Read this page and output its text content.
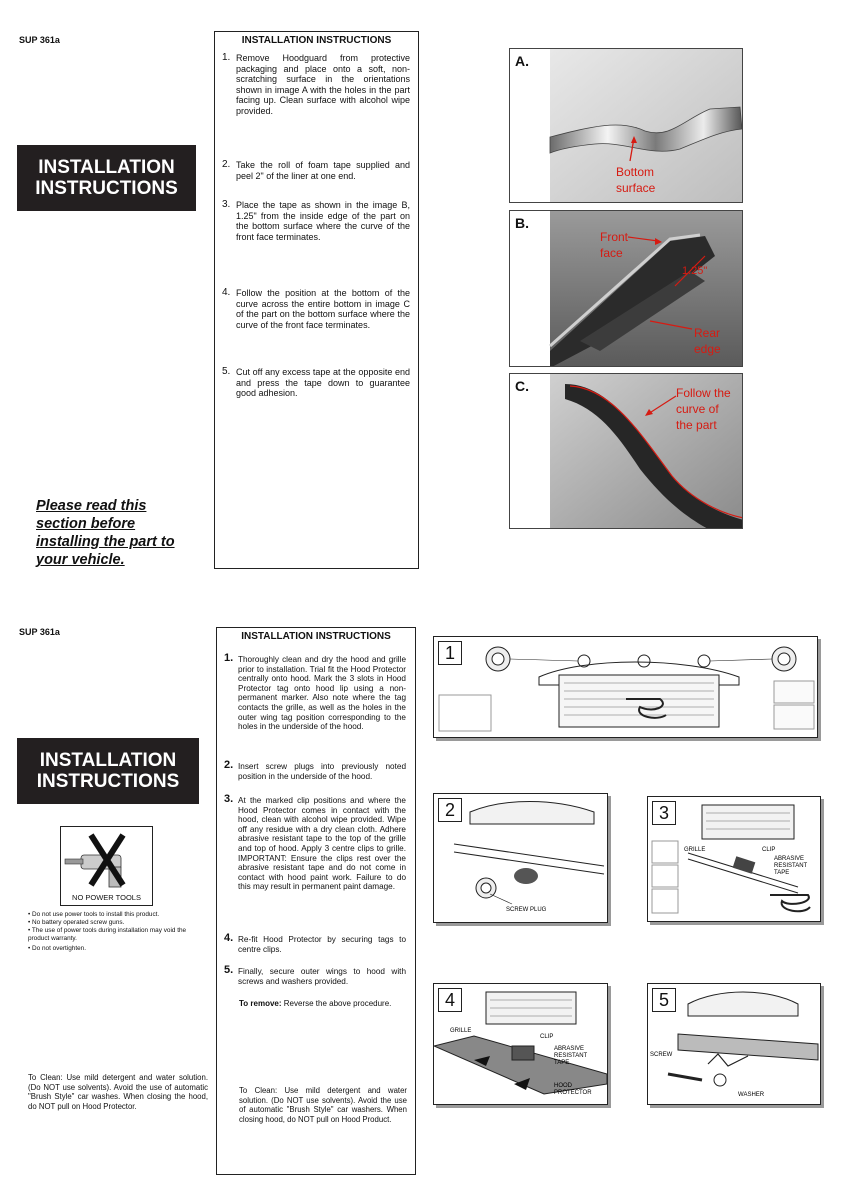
SUP 361a
INSTALLATION
INSTRUCTIONS
Please read this section before installing the part to your vehicle.
INSTALLATION INSTRUCTIONS
1. Remove Hoodguard from protective packaging and place onto a soft, non-scratching surface in the orientations shown in image A with the holes in the part facing up. Clean surface with alcohol wipe provided.
2. Take the roll of foam tape supplied and peel 2" of the liner at one end.
3. Place the tape as shown in the image B, 1.25" from the inside edge of the part on the bottom surface where the curve of the front face terminates.
4. Follow the position at the bottom of the curve across the entire bottom in image C of the part on the bottom surface where the curve of the front face terminates.
5. Cut off any excess tape at the opposite end and press the tape down to guarantee good adhesion.
Bottom
surface
A.
Front
face
1.25"
Rear
edge
B.
Follow the
curve of
the part
C.
SUP 361a
INSTALLATION
INSTRUCTIONS
NO POWER TOOLS
• Do not use power tools to install this product.
• No battery operated screw guns.
• The use of power tools during installation may void the product warranty.
• Do not overtighten.
To Clean: Use mild detergent and water solution. (Do NOT use solvents). Avoid the use of automatic "Brush Style" car washes. When closing the hood, do NOT pull on Hood Protector.
INSTALLATION INSTRUCTIONS
1. Thoroughly clean and dry the hood and grille prior to installation. Trial fit the Hood Protector centrally onto hood. Mark the 3 slots in Hood Protector tag onto hood lip using a non-permanent marker. Also note where the tag contacts the grille, as well as the holes in the outer wing tag position corresponding to the holes in the underside of the hood.
2. Insert screw plugs into previously noted position in the underside of the hood.
3. At the marked clip positions and where the Hood Protector comes in contact with the hood, clean with alcohol wipe provided. Wipe off any residue with a dry clean cloth. Adhere abrasive resistant tape to the top of the grille and top of hood. Apply 3 centre clips to grille. IMPORTANT: Ensure the clips rest over the abrasive resistant tape and do not come in contact with hood paint work. Failure to do this may result in permanent paint damage.
4. Re-fit Hood Protector by securing tags to centre clips.
5. Finally, secure outer wings to hood with screws and washers provided.
To remove: Reverse the above procedure.
To Clean: Use mild detergent and water solution. (Do NOT use solvents). Avoid the use of automatic "Brush Style" car washers. When closing hood, do NOT pull on Hood Product.
1
2
SCREW PLUG
3
GRILLE	CLIP
ABRASIVE
RESISTANT
TAPE
4
GRILLE
CLIP
ABRASIVE
RESISTANT
TAPE
HOOD
PROTECTOR
5
SCREW
WASHER
